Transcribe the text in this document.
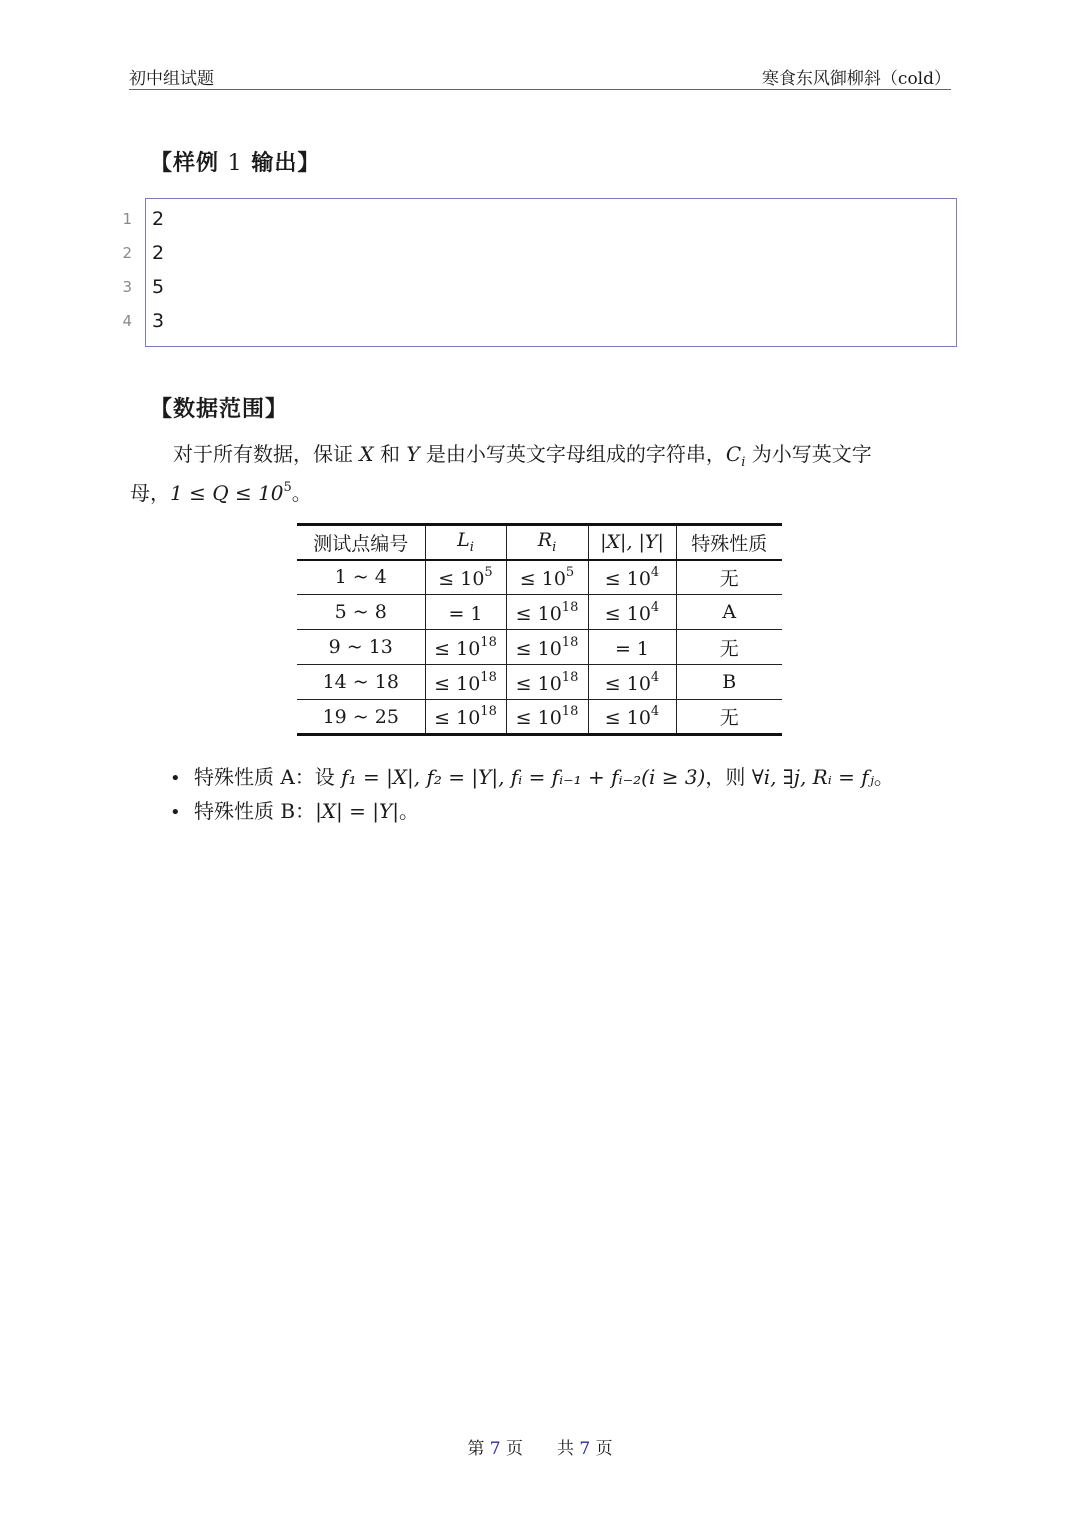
初中组试题	寒食东风御柳斜（cold）
【样例 1 输出】
1 2
2 2
3 5
4 3
【数据范围】
对于所有数据，保证 X 和 Y 是由小写英文字母组成的字符串，$C_i$ 为小写英文字
母，$1 \le Q \le 10^5$。
测试点编号	$L_i$	$R_i$	|X|, |Y|	特殊性质
1 ~ 4	≤ $10^5$	≤ $10^5$	≤ $10^4$	无
5 ~ 8	= 1	≤ $10^{18}$	≤ $10^4$	A
9 ~ 13	≤ $10^{18}$	≤ $10^{18}$	= 1	无
14 ~ 18	≤ $10^{18}$	≤ $10^{18}$	≤ $10^4$	B
19 ~ 25	≤ $10^{18}$	≤ $10^{18}$	≤ $10^4$	无
• 特殊性质 A：设 f₁ = |X|, f₂ = |Y|, fᵢ = fᵢ₋₁ + fᵢ₋₂(i ≥ 3)，则 ∀i, ∃j, Rᵢ = fⱼ。
• 特殊性质 B：|X| = |Y|。
第 7 页 共 7 页
